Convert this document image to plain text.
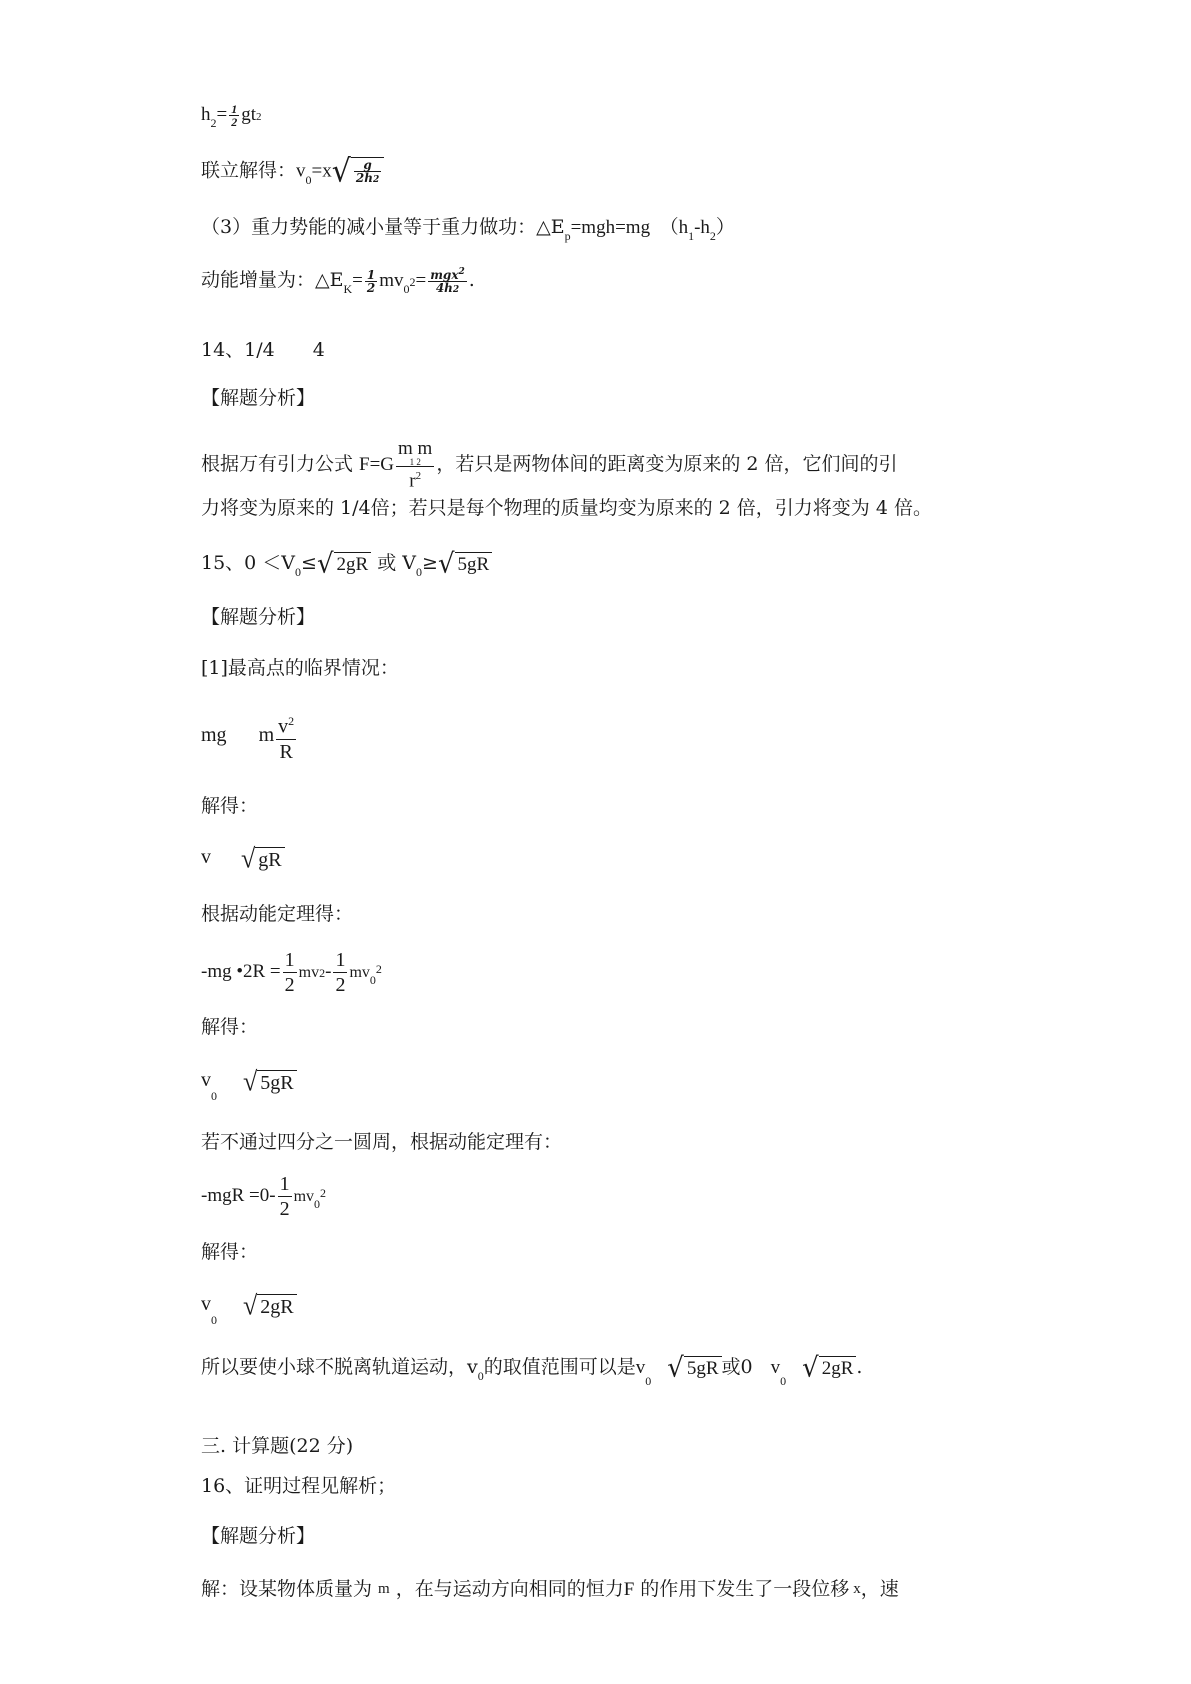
$h_2= \frac{1}{2} gt2$
联立解得：$v_0=x√ \frac{g}{2h2}$
（3）重力势能的减小量等于重力做功：$\triangle E_p=mgh=mg$　$(h_1-h_2)$
动能增量为：$\triangle E_K= \frac{1}{2} mv_02= \frac{mgx^2}{4h2}$ .
14、1/4　　4
【解题分析】
根据万有引力公式 F=G
m m
1 2
$r^2$
，若只是两物体间的距离变为原来的 2 倍，它们间的引
力将变为原来的 1/4倍；若只是每个物理的质量均变为原来的 2 倍，引力将变为 4 倍。
15、$0 <V_0\le√$ 2gR 或 $V_0\ge√$ 5gR
【解题分析】
[1]最高点的临界情况：
mg m $\frac{v^2}{R}$
解得：
v √ gR
根据动能定理得：
-mg •2R = $\frac{1}{2} mv2- \frac{1}{2} mv_0^2$
解得：
$v_0$ √ 5gR
若不通过四分之一圆周，根据动能定理有：
$-mgR =0- \frac{1}{2} mv_0^2$
解得：
$v_0$ √ 2gR
所以要使小球不脱离轨道运动，$v_0$的取值范围可以是$v_0$ √ 5gR 或0 $v_0$ √ 2gR .
三. 计算题(22 分)
16、证明过程见解析；
【解题分析】
解：设某物体质量为 $^m$ ，在与运动方向相同的恒力F 的作用下发生了一段位移 $^x$，速
